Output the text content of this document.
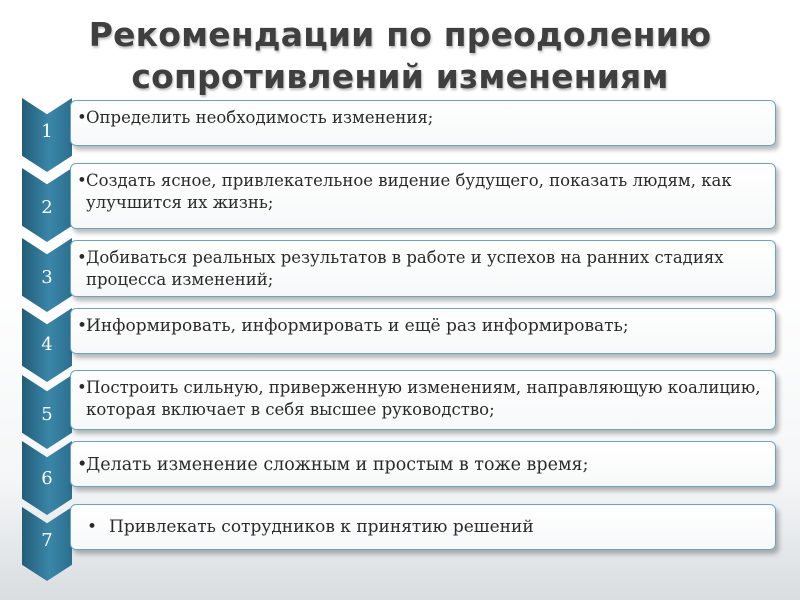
Рекомендации по преодолению
сопротивлений изменениям
1
• Определить необходимость изменения;
2
• Создать ясное, привлекательное видение будущего, показать людям, как улучшится их жизнь;
3
• Добиваться реальных результатов в работе и успехов на ранних стадиях процесса изменений;
4
•
Информировать, информировать и ещё раз информировать;
5
• Построить сильную, приверженную изменениям, направляющую коалицию, которая включает в себя высшее руководство;
6
•
Делать изменение сложным и простым в тоже время;
7
• Привлекать сотрудников к принятию решений
